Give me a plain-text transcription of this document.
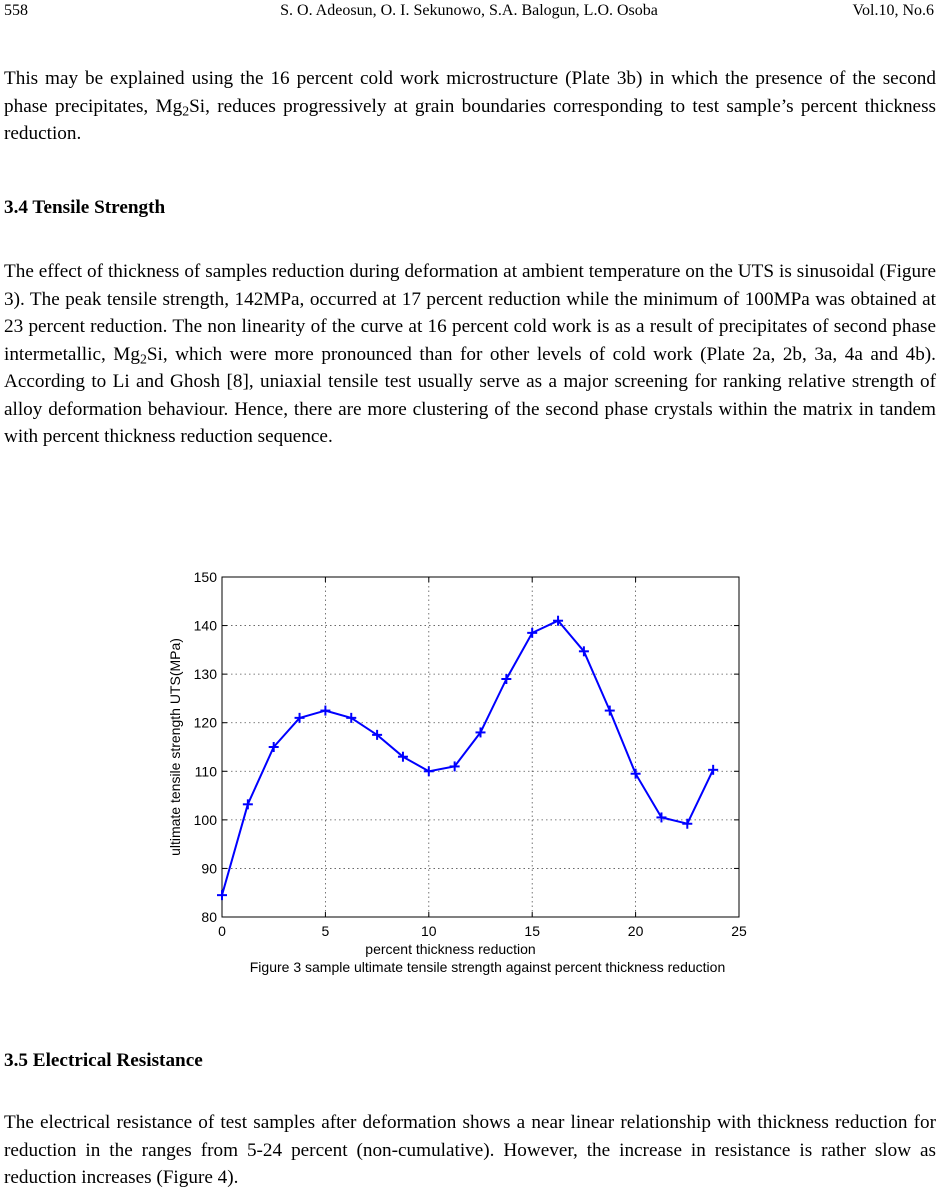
558	S. O. Adeosun, O. I. Sekunowo, S.A. Balogun, L.O. Osoba	Vol.10, No.6

This may be explained using the 16 percent cold work microstructure (Plate 3b) in which the presence of the second phase precipitates, $Mg_2Si$, reduces progressively at grain boundaries corresponding to test sample’s percent thickness reduction.

3.4 Tensile Strength

The effect of thickness of samples reduction during deformation at ambient temperature on the UTS is sinusoidal (Figure 3). The peak tensile strength, 142MPa, occurred at 17 percent reduction while the minimum of 100MPa was obtained at 23 percent reduction. The non linearity of the curve at 16 percent cold work is as a result of precipitates of second phase intermetallic, $Mg_2Si$, which were more pronounced than for other levels of cold work (Plate 2a, 2b, 3a, 4a and 4b). According to Li and Ghosh [8], uniaxial tensile test usually serve as a major screening for ranking relative strength of alloy deformation behaviour. Hence, there are more clustering of the second phase crystals within the matrix in tandem with percent thickness reduction sequence.

0	5	10	15	20	25
80
90
100
110
120
130
140
150
percent thickness reduction
ultimate tensile strength UTS(MPa)
Figure 3 sample ultimate tensile strength against percent thickness reduction
3.5 Electrical Resistance

The electrical resistance of test samples after deformation shows a near linear relationship with thickness reduction for reduction in the ranges from 5-24 percent (non-cumulative). However, the increase in resistance is rather slow as reduction increases (Figure 4).
